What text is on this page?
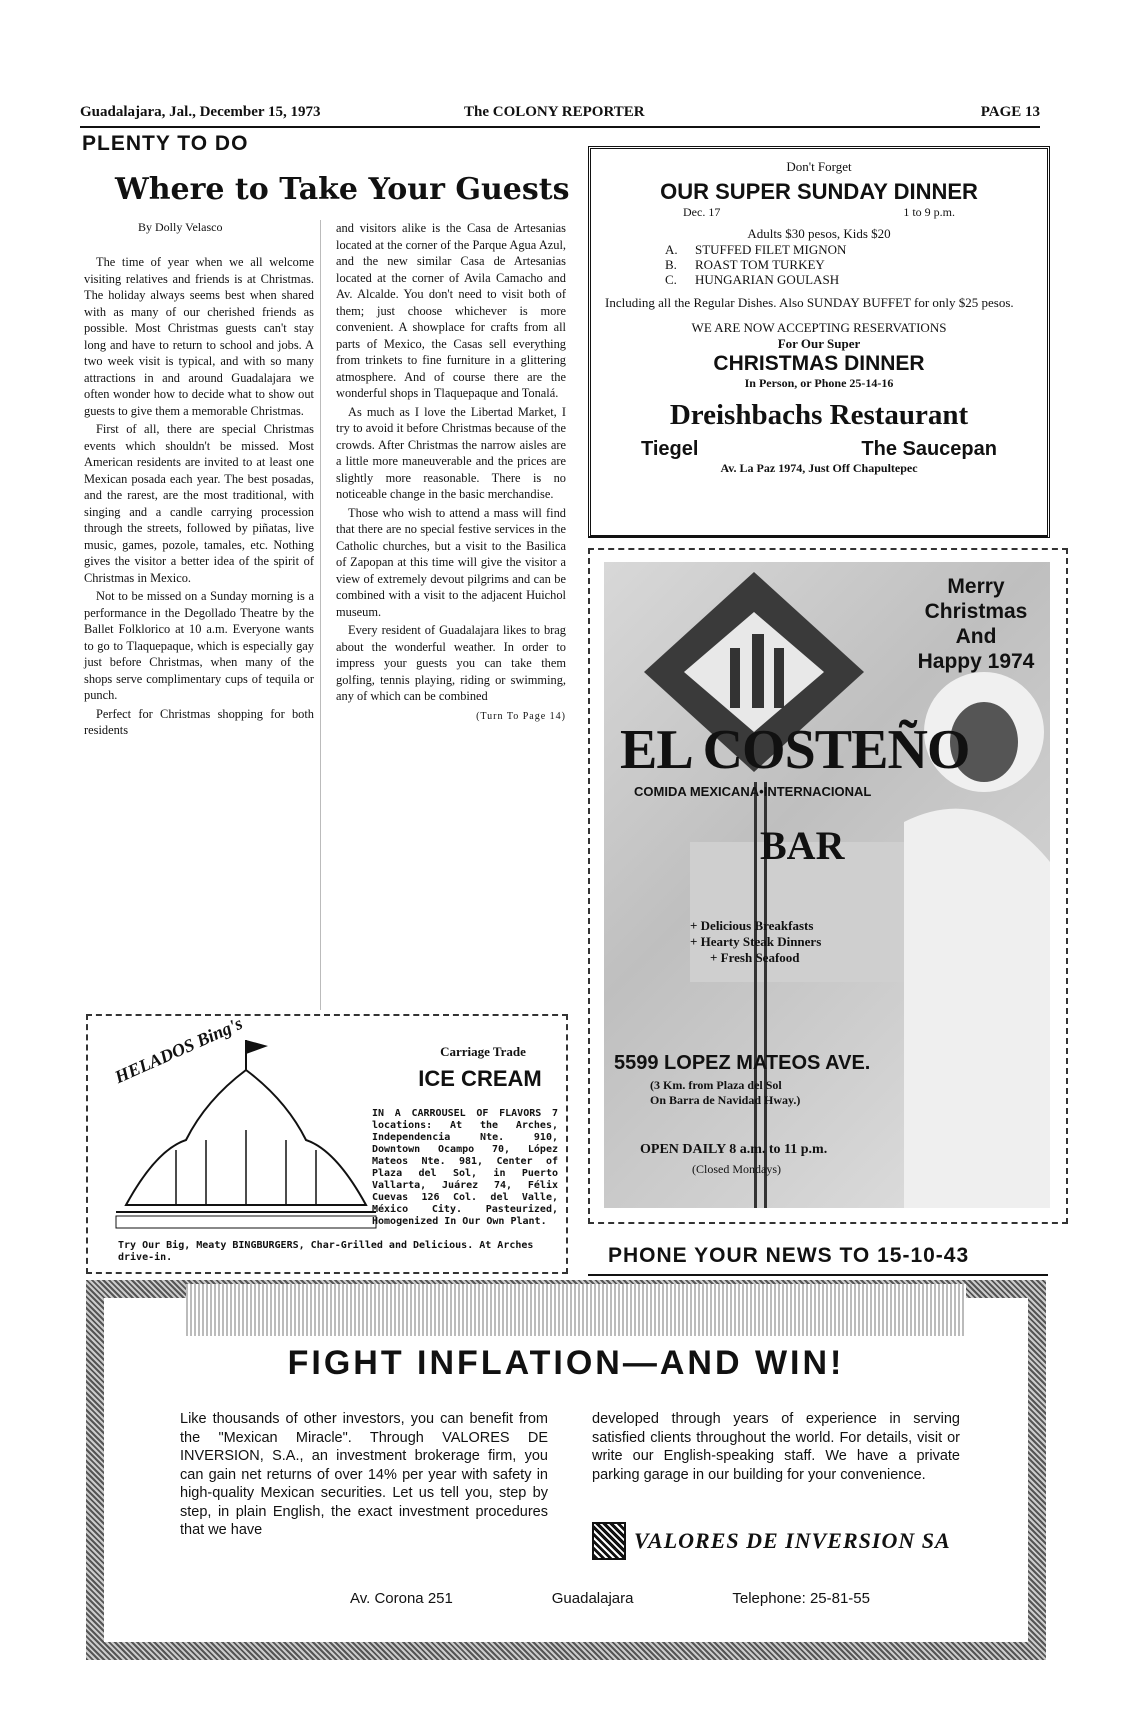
Guadalajara, Jal., December 15, 1973	The COLONY REPORTER	PAGE 13
PLENTY TO DO
Where to Take Your Guests
By Dolly Velasco

The time of year when we all welcome visiting relatives and friends is at Christmas. The holiday always seems best when shared with as many of our cherished friends as possible. Most Christmas guests can't stay long and have to return to school and jobs. A two week visit is typical, and with so many attractions in and around Guadalajara we often wonder how to decide what to show out guests to give them a memorable Christmas.

First of all, there are special Christmas events which shouldn't be missed. Most American residents are invited to at least one Mexican posada each year. The best posadas, and the rarest, are the most traditional, with singing and a candle carrying procession through the streets, followed by piñatas, live music, games, pozole, tamales, etc. Nothing gives the visitor a better idea of the spirit of Christmas in Mexico.

Not to be missed on a Sunday morning is a performance in the Degollado Theatre by the Ballet Folklorico at 10 a.m. Everyone wants to go to Tlaquepaque, which is especially gay just before Christmas, when many of the shops serve complimentary cups of tequila or punch.

Perfect for Christmas shopping for both residents

and visitors alike is the Casa de Artesanias located at the corner of the Parque Agua Azul, and the new similar Casa de Artesanias located at the corner of Avila Camacho and Av. Alcalde. You don't need to visit both of them; just choose whichever is more convenient. A showplace for crafts from all parts of Mexico, the Casas sell everything from trinkets to fine furniture in a glittering atmosphere. And of course there are the wonderful shops in Tlaquepaque and Tonalá.

As much as I love the Libertad Market, I try to avoid it before Christmas because of the crowds. After Christmas the narrow aisles are a little more maneuverable and the prices are slightly more reasonable. There is no noticeable change in the basic merchandise.

Those who wish to attend a mass will find that there are no special festive services in the Catholic churches, but a visit to the Basilica of Zapopan at this time will give the visitor a view of extremely devout pilgrims and can be combined with a visit to the adjacent Huichol museum.

Every resident of Guadalajara likes to brag about the wonderful weather. In order to impress your guests you can take them golfing, tennis playing, riding or swimming, any of which can be combined

(Turn To Page 14)
Don't Forget
OUR SUPER SUNDAY DINNER
Dec. 17	1 to 9 p.m.
Adults $30 pesos, Kids $20
A. STUFFED FILET MIGNON
B. ROAST TOM TURKEY
C. HUNGARIAN GOULASH
Including all the Regular Dishes. Also SUNDAY BUFFET for only $25 pesos.
WE ARE NOW ACCEPTING RESERVATIONS
For Our Super
CHRISTMAS DINNER
In Person, or Phone 25-14-16
Dreishbachs Restaurant
Tiegel	The Saucepan
Av. La Paz 1974, Just Off Chapultepec
Merry
Christmas
And
Happy 1974
EL COSTEÑO
COMIDA MEXICANA•INTERNACIONAL
BAR
+ Delicious Breakfasts
+ Hearty Steak Dinners
+ Fresh Seafood
5599 LOPEZ MATEOS AVE.
(3 Km. from Plaza del Sol
On Barra de Navidad Hway.)
OPEN DAILY 8 a.m. to 11 p.m.
(Closed Mondays)
HELADOS Bing's	Carriage Trade
ICE CREAM
IN A CARROUSEL OF FLAVORS 7 locations: At the Arches, Independencia Nte. 910, Downtown Ocampo 70, López Mateos Nte. 981, Center of Plaza del Sol, in Puerto Vallarta, Juárez 74, Félix Cuevas 126 Col. del Valle, México City. Pasteurized, Homogenized In Our Own Plant.
Try Our Big, Meaty BINGBURGERS, Char-Grilled and Delicious. At Arches drive-in.	PHONE YOUR NEWS TO 15-10-43
FIGHT INFLATION—AND WIN!
Like thousands of other investors, you can benefit from the "Mexican Miracle". Through VALORES DE INVERSION, S.A., an investment brokerage firm, you can gain net returns of over 14% per year with safety in high-quality Mexican securities. Let us tell you, step by step, in plain English, the exact investment procedures that we have
developed through years of experience in serving satisfied clients throughout the world. For details, visit or write our English-speaking staff. We have a private parking garage in our building for your convenience.
VALORES DE INVERSION SA
Av. Corona 251	Guadalajara	Telephone: 25-81-55
